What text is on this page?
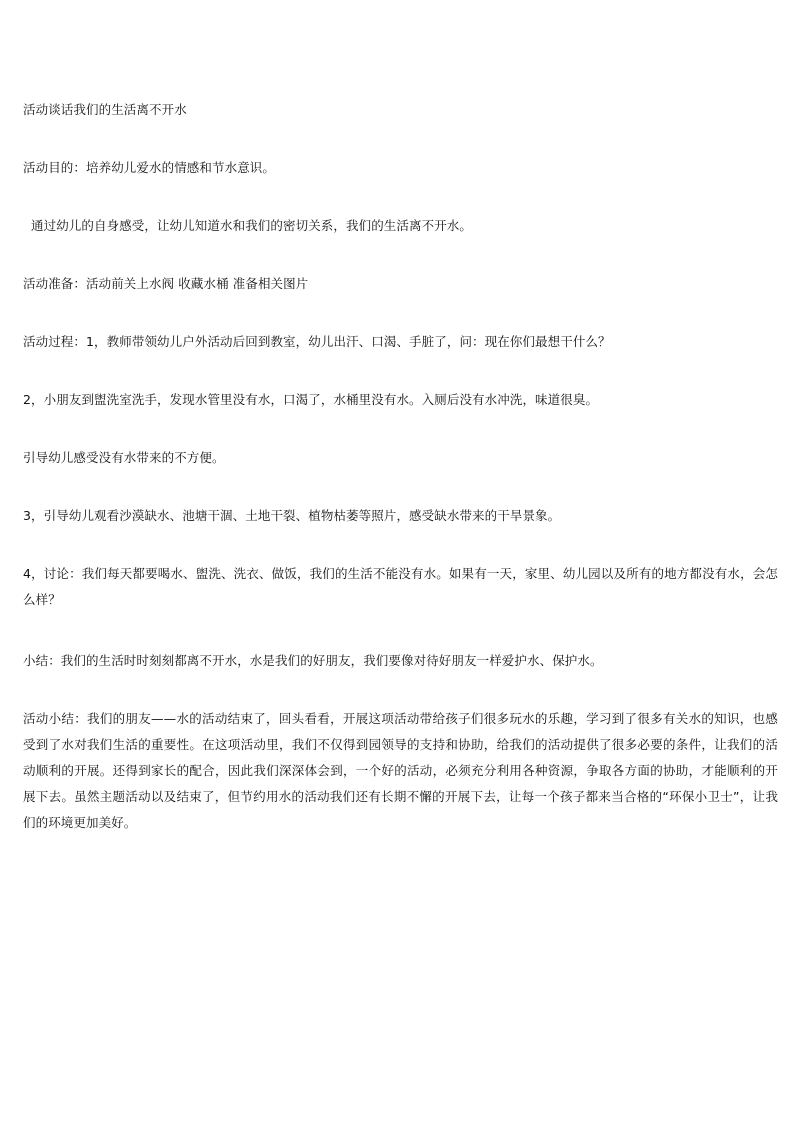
活动谈话我们的生活离不开水

活动目的：培养幼儿爱水的情感和节水意识。

通过幼儿的自身感受，让幼儿知道水和我们的密切关系，我们的生活离不开水。

活动准备：活动前关上水阀 收藏水桶 准备相关图片

活动过程：1，教师带领幼儿户外活动后回到教室，幼儿出汗、口渴、手脏了，问：现在你们最想干什么？

2，小朋友到盥洗室洗手，发现水管里没有水，口渴了，水桶里没有水。入厕后没有水冲洗，味道很臭。

引导幼儿感受没有水带来的不方便。

3，引导幼儿观看沙漠缺水、池塘干涸、土地干裂、植物枯萎等照片，感受缺水带来的干旱景象。

4，讨论：我们每天都要喝水、盥洗、洗衣、做饭，我们的生活不能没有水。如果有一天，家里、幼儿园以及所有的地方都没有水，会怎么样？

小结：我们的生活时时刻刻都离不开水，水是我们的好朋友，我们要像对待好朋友一样爱护水、保护水。

活动小结：我们的朋友——水的活动结束了，回头看看，开展这项活动带给孩子们很多玩水的乐趣，学习到了很多有关水的知识，也感受到了水对我们生活的重要性。在这项活动里，我们不仅得到园领导的支持和协助，给我们的活动提供了很多必要的条件，让我们的活动顺利的开展。还得到家长的配合，因此我们深深体会到，一个好的活动，必须充分利用各种资源，争取各方面的协助，才能顺利的开展下去。虽然主题活动以及结束了，但节约用水的活动我们还有长期不懈的开展下去，让每一个孩子都来当合格的“环保小卫士”，让我们的环境更加美好。
